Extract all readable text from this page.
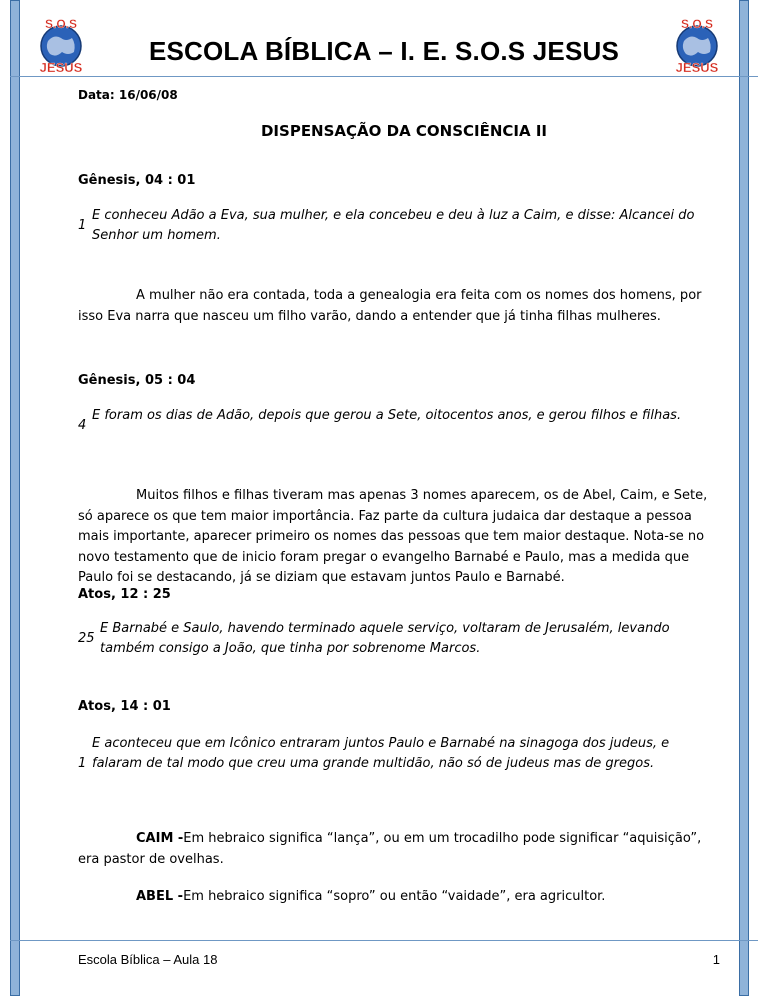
S.O.S
JESUS
S.O.S
JESUS
ESCOLA BÍBLICA – I. E. S.O.S JESUS
Data: 16/06/08
DISPENSAÇÃO DA CONSCIÊNCIA II
Gênesis, 04 : 01
1
E conheceu Adão a Eva, sua mulher, e ela concebeu e deu à luz a Caim, e disse: Alcancei do Senhor um homem.
A mulher não era contada, toda a genealogia era feita com os nomes dos homens, por isso Eva narra que nasceu um filho varão, dando a entender que já tinha filhas mulheres.
Gênesis, 05 : 04
4
E foram os dias de Adão, depois que gerou a Sete, oitocentos anos, e gerou filhos e filhas.
Muitos filhos e filhas tiveram mas apenas 3 nomes aparecem, os de Abel, Caim, e Sete, só aparece os que tem maior importância. Faz parte da cultura judaica dar destaque a pessoa mais importante, aparecer primeiro os nomes das pessoas que tem maior destaque. Nota-se no novo testamento que de inicio foram pregar o evangelho Barnabé e Paulo, mas a medida que Paulo foi se destacando, já se diziam que estavam juntos Paulo e Barnabé.
Atos, 12 : 25
25
E Barnabé e Saulo, havendo terminado aquele serviço, voltaram de Jerusalém, levando também consigo a João, que tinha por sobrenome Marcos.
Atos, 14 : 01
1
E aconteceu que em Icônico entraram juntos Paulo e Barnabé na sinagoga dos judeus, e falaram de tal modo que creu uma grande multidão, não só de judeus mas de gregos.
CAIM -Em hebraico significa “lança”, ou em um trocadilho pode significar “aquisição”, era pastor de ovelhas.
ABEL -Em hebraico significa “sopro” ou então “vaidade”, era agricultor.
Escola Bíblica – Aula 18	1
